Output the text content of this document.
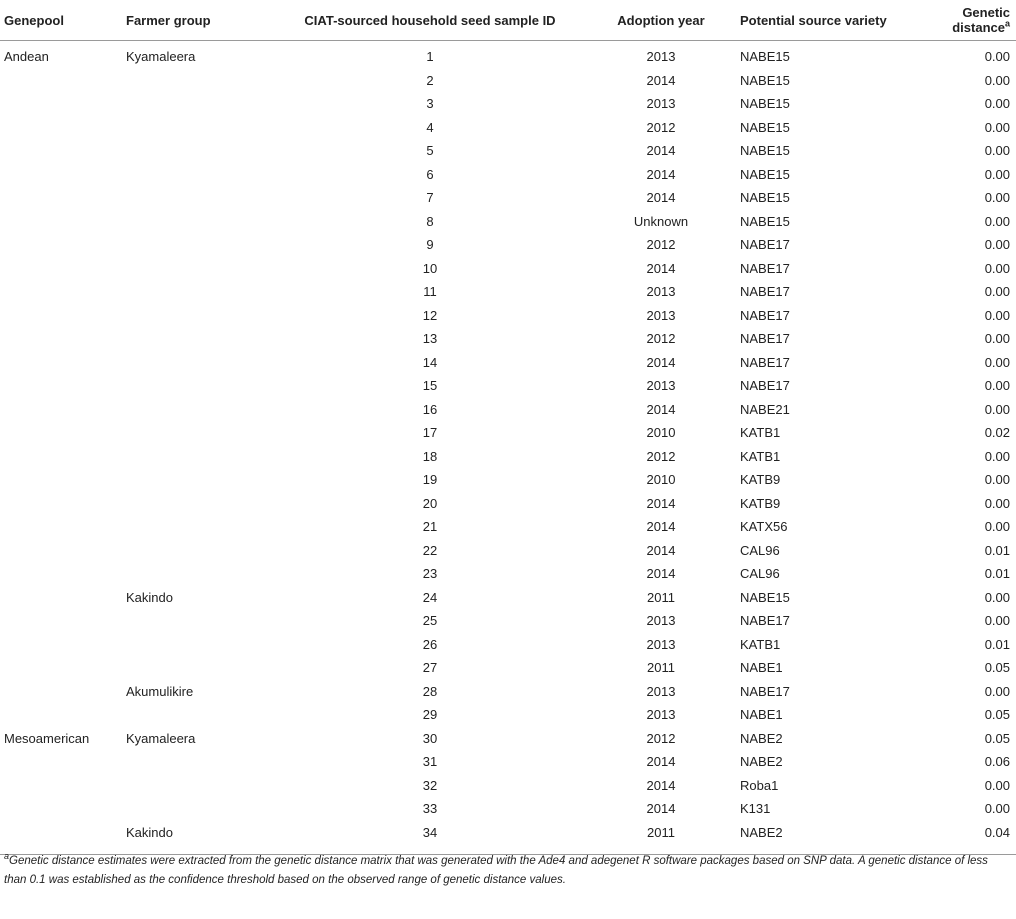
Genepool	Farmer group	CIAT-sourced household seed sample ID	Adoption year	Potential source variety	Genetic distance$^a$
Andean	Kyamaleera	1	2013	NABE15	0.00
		2	2014	NABE15	0.00
		3	2013	NABE15	0.00
		4	2012	NABE15	0.00
		5	2014	NABE15	0.00
		6	2014	NABE15	0.00
		7	2014	NABE15	0.00
		8	Unknown	NABE15	0.00
		9	2012	NABE17	0.00
		10	2014	NABE17	0.00
		11	2013	NABE17	0.00
		12	2013	NABE17	0.00
		13	2012	NABE17	0.00
		14	2014	NABE17	0.00
		15	2013	NABE17	0.00
		16	2014	NABE21	0.00
		17	2010	KATB1	0.02
		18	2012	KATB1	0.00
		19	2010	KATB9	0.00
		20	2014	KATB9	0.00
		21	2014	KATX56	0.00
		22	2014	CAL96	0.01
		23	2014	CAL96	0.01
	Kakindo	24	2011	NABE15	0.00
		25	2013	NABE17	0.00
		26	2013	KATB1	0.01
		27	2011	NABE1	0.05
	Akumulikire	28	2013	NABE17	0.00
		29	2013	NABE1	0.05
Mesoamerican	Kyamaleera	30	2012	NABE2	0.05
		31	2014	NABE2	0.06
		32	2014	Roba1	0.00
		33	2014	K131	0.00
	Kakindo	34	2011	NABE2	0.04
$^a$Genetic distance estimates were extracted from the genetic distance matrix that was generated with the Ade4 and adegenet R software packages based on SNP data. A genetic distance of less than 0.1 was established as the confidence threshold based on the observed range of genetic distance values.
